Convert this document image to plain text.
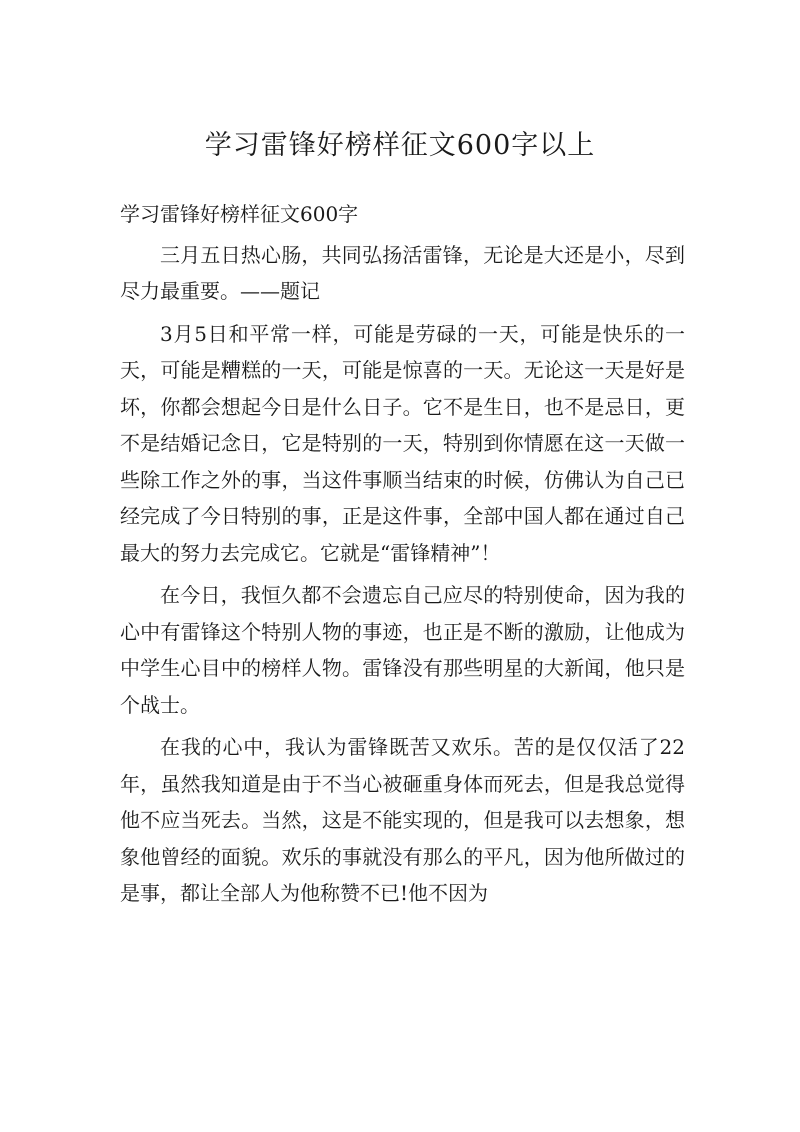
学习雷锋好榜样征文600字以上

学习雷锋好榜样征文600字

三月五日热心肠，共同弘扬活雷锋，无论是大还是小，尽到尽力最重要。——题记

3月5日和平常一样，可能是劳碌的一天，可能是快乐的一天，可能是糟糕的一天，可能是惊喜的一天。无论这一天是好是坏，你都会想起今日是什么日子。它不是生日，也不是忌日，更不是结婚记念日，它是特别的一天，特别到你情愿在这一天做一些除工作之外的事，当这件事顺当结束的时候，仿佛认为自己已经完成了今日特别的事，正是这件事，全部中国人都在通过自己最大的努力去完成它。它就是“雷锋精神”！

在今日，我恒久都不会遗忘自己应尽的特别使命，因为我的心中有雷锋这个特别人物的事迹，也正是不断的激励，让他成为中学生心目中的榜样人物。雷锋没有那些明星的大新闻，他只是个战士。

在我的心中，我认为雷锋既苦又欢乐。苦的是仅仅活了22年，虽然我知道是由于不当心被砸重身体而死去，但是我总觉得他不应当死去。当然，这是不能实现的，但是我可以去想象，想象他曾经的面貌。欢乐的事就没有那么的平凡，因为他所做过的是事，都让全部人为他称赞不已!他不因为
